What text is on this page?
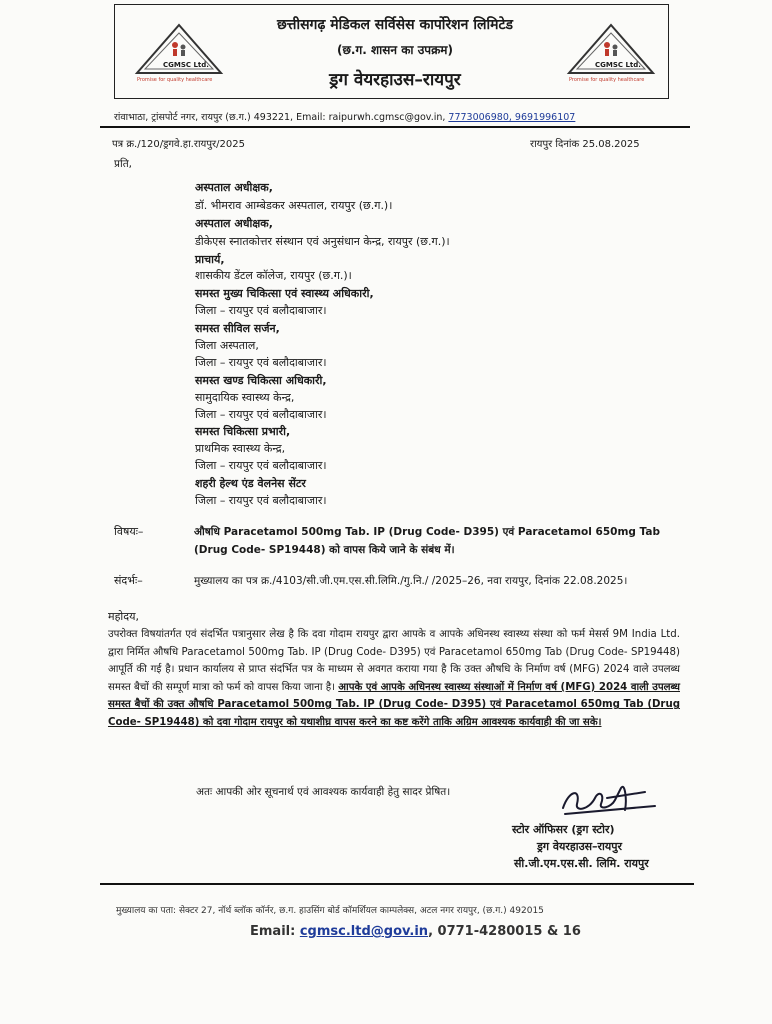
CGMSC Ltd.
Promise for quality healthcare
छत्तीसगढ़ मेडिकल सर्विसेस कार्पोरेशन लिमिटेड
(छ.ग. शासन का उपक्रम)
ड्रग वेयरहाउस–रायपुर
CGMSC Ltd.
Promise for quality healthcare
रांवाभाठा, ट्रांसपोर्ट नगर, रायपुर (छ.ग.) 493221, Email: raipurwh.cgmsc@gov.in, 7773006980, 9691996107
पत्र क्र./120/ड्रगवे.हा.रायपुर/2025	रायपुर दिनांक 25.08.2025
प्रति,
अस्पताल अधीक्षक,
डॉ. भीमराव आम्बेडकर अस्पताल, रायपुर (छ.ग.)।
अस्पताल अधीक्षक,
डीकेएस स्नातकोत्तर संस्थान एवं अनुसंधान केन्द्र, रायपुर (छ.ग.)।
प्राचार्य,
शासकीय डेंटल कॉलेज, रायपुर (छ.ग.)।
समस्त मुख्य चिकित्सा एवं स्वास्थ्य अधिकारी,
जिला – रायपुर एवं बलौदाबाजार।
समस्त सीविल सर्जन,
जिला अस्पताल,
जिला – रायपुर एवं बलौदाबाजार।
समस्त खण्ड चिकित्सा अधिकारी,
सामुदायिक स्वास्थ्य केन्द्र,
जिला – रायपुर एवं बलौदाबाजार।
समस्त चिकित्सा प्रभारी,
प्राथमिक स्वास्थ्य केन्द्र,
जिला – रायपुर एवं बलौदाबाजार।
शहरी हेल्थ एंड वेलनेस सेंटर
जिला – रायपुर एवं बलौदाबाजार।
विषयः–	औषधि Paracetamol 500mg Tab. IP (Drug Code- D395) एवं Paracetamol 650mg Tab (Drug Code- SP19448) को वापस किये जाने के संबंध में।
संदर्भः–	मुख्यालय का पत्र क्र./4103/सी.जी.एम.एस.सी.लिमि./गु.नि./ /2025–26, नवा रायपुर, दिनांक 22.08.2025।
महोदय,
उपरोक्त विषयांतर्गत एवं संदर्भित पत्रानुसार लेख है कि दवा गोदाम रायपुर द्वारा आपके व आपके अधिनस्थ स्वास्थ्य संस्था को फर्म मेसर्स 9M India Ltd. द्वारा निर्मित औषधि Paracetamol 500mg Tab. IP (Drug Code- D395) एवं Paracetamol 650mg Tab (Drug Code- SP19448) आपूर्ति की गई है। प्रधान कार्यालय से प्राप्त संदर्भित पत्र के माध्यम से अवगत कराया गया है कि उक्त औषधि के निर्माण वर्ष (MFG) 2024 वाले उपलब्ध समस्त बैचों की सम्पूर्ण मात्रा को फर्म को वापस किया जाना है। आपके एवं आपके अधिनस्थ स्वास्थ्य संस्थाओं में निर्माण वर्ष (MFG) 2024 वाली उपलब्ध समस्त बैचों की उक्त औषधि Paracetamol 500mg Tab. IP (Drug Code- D395) एवं Paracetamol 650mg Tab (Drug Code- SP19448) को दवा गोदाम रायपुर को यथाशीघ्र वापस करने का कष्ट करेंगे ताकि अग्रिम आवश्यक कार्यवाही की जा सके।
अतः आपकी ओर सूचनार्थ एवं आवश्यक कार्यवाही हेतु सादर प्रेषित।
स्टोर ऑफिसर (ड्रग स्टोर)
ड्रग वेयरहाउस–रायपुर
सी.जी.एम.एस.सी. लिमि. रायपुर
मुख्यालय का पता: सेक्टर 27, नॉर्थ ब्लॉक कॉर्नर, छ.ग. हाउसिंग बोर्ड कॉमर्शियल काम्पलेक्स, अटल नगर रायपुर, (छ.ग.) 492015
Email: cgmsc.ltd@gov.in, 0771-4280015 & 16
